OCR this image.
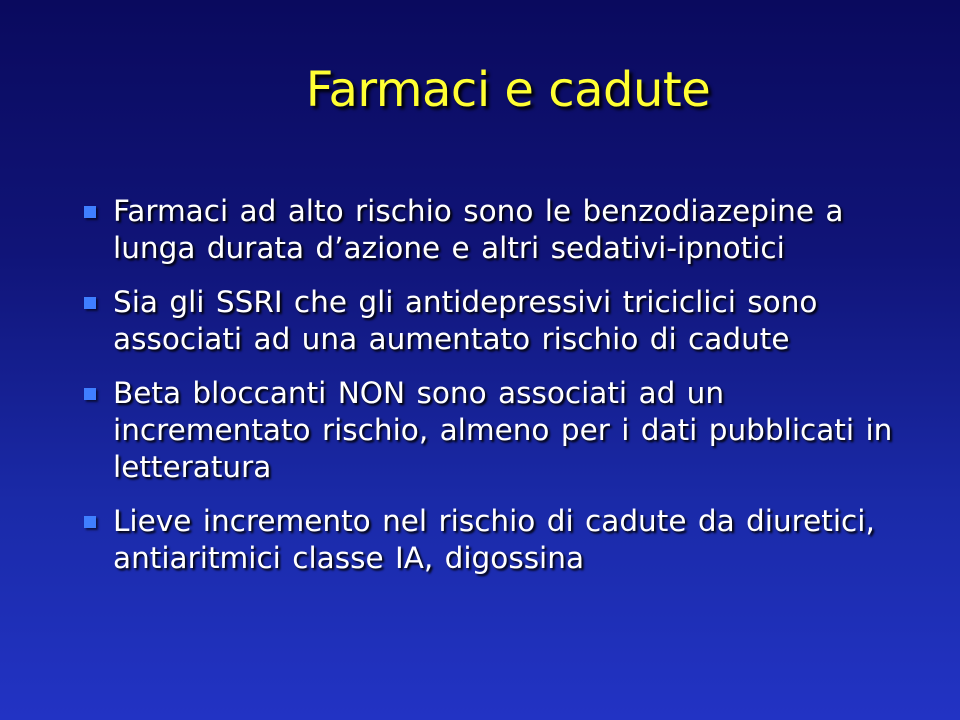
Farmaci e cadute
Farmaci ad alto rischio sono le benzodiazepine a lunga durata d’azione e altri sedativi-ipnotici
Sia gli SSRI che gli antidepressivi triciclici sono associati ad una aumentato rischio di cadute
Beta bloccanti NON sono associati ad un incrementato rischio, almeno per i dati pubblicati in letteratura
Lieve incremento nel rischio di cadute da diuretici, antiaritmici classe IA, digossina
